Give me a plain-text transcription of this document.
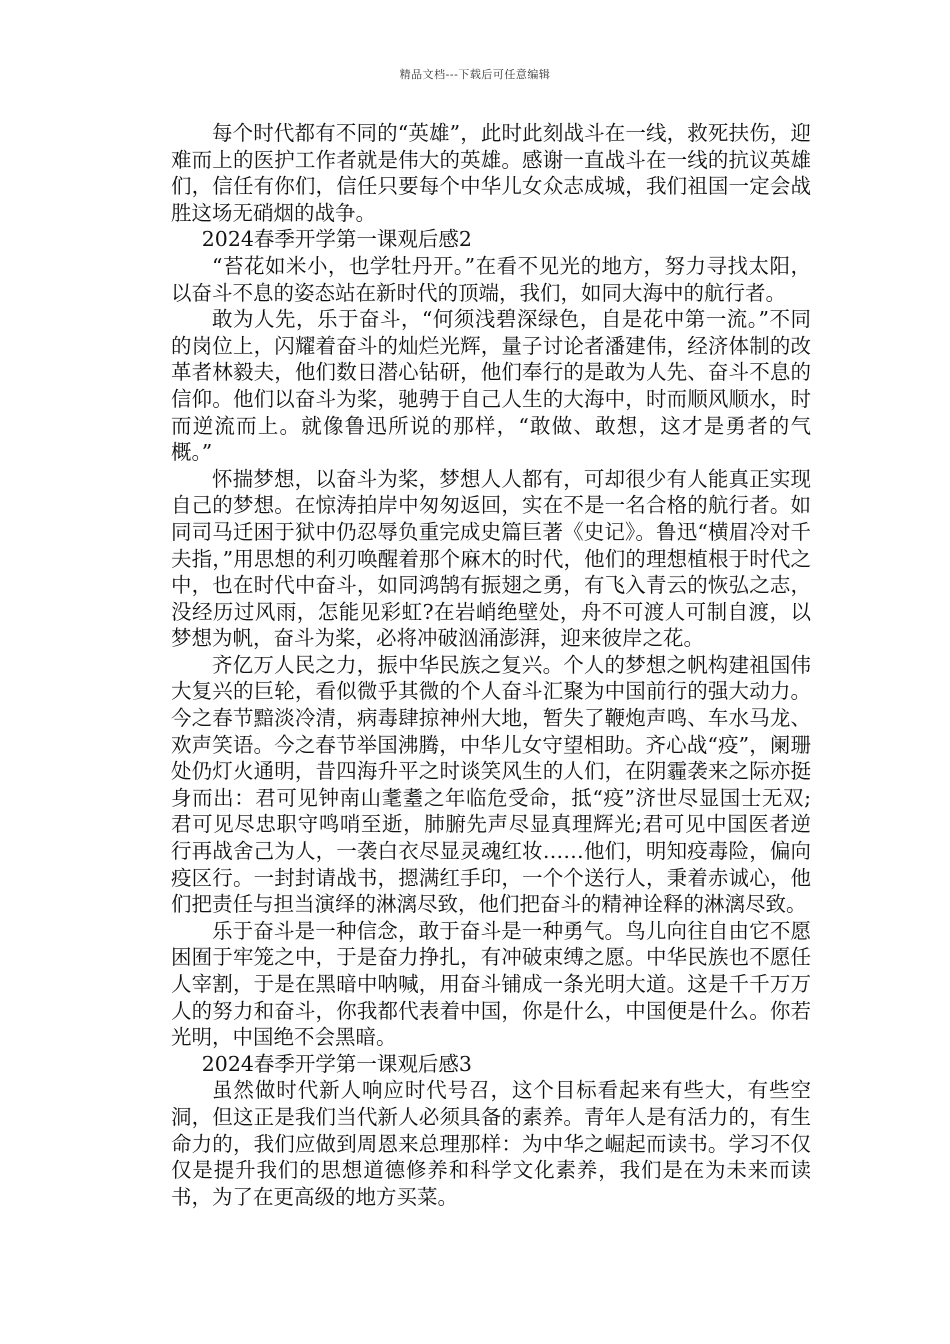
精品文档---下载后可任意编辑

每个时代都有不同的“英雄”，此时此刻战斗在一线，救死扶伤，迎难而上的医护工作者就是伟大的英雄。感谢一直战斗在一线的抗议英雄们，信任有你们，信任只要每个中华儿女众志成城，我们祖国一定会战胜这场无硝烟的战争。

2024春季开学第一课观后感2

“苔花如米小，也学牡丹开。”在看不见光的地方，努力寻找太阳，以奋斗不息的姿态站在新时代的顶端，我们，如同大海中的航行者。

敢为人先，乐于奋斗，“何须浅碧深绿色，自是花中第一流。”不同的岗位上，闪耀着奋斗的灿烂光辉，量子讨论者潘建伟，经济体制的改革者林毅夫，他们数日潜心钻研，他们奉行的是敢为人先、奋斗不息的信仰。他们以奋斗为桨，驰骋于自己人生的大海中，时而顺风顺水，时而逆流而上。就像鲁迅所说的那样，“敢做、敢想，这才是勇者的气概。”

怀揣梦想，以奋斗为桨，梦想人人都有，可却很少有人能真正实现自己的梦想。在惊涛拍岸中匆匆返回，实在不是一名合格的航行者。如同司马迁困于狱中仍忍辱负重完成史篇巨著《史记》。鲁迅“横眉冷对千夫指，”用思想的利刃唤醒着那个麻木的时代，他们的理想植根于时代之中，也在时代中奋斗，如同鸿鹄有振翅之勇，有飞入青云的恢弘之志，没经历过风雨，怎能见彩虹?在岩峭绝壁处，舟不可渡人可制自渡，以梦想为帆，奋斗为桨，必将冲破汹涌澎湃，迎来彼岸之花。

齐亿万人民之力，振中华民族之复兴。个人的梦想之帆构建祖国伟大复兴的巨轮，看似微乎其微的个人奋斗汇聚为中国前行的强大动力。今之春节黯淡冷清，病毒肆掠神州大地，暂失了鞭炮声鸣、车水马龙、欢声笑语。今之春节举国沸腾，中华儿女守望相助。齐心战“疫”，阑珊处仍灯火通明，昔四海升平之时谈笑风生的人们，在阴霾袭来之际亦挺身而出：君可见钟南山耄耋之年临危受命，抵“疫”济世尽显国士无双;君可见尽忠职守鸣哨至逝，肺腑先声尽显真理辉光;君可见中国医者逆行再战舍己为人，一袭白衣尽显灵魂红妆……他们，明知疫毒险，偏向疫区行。一封封请战书，摁满红手印，一个个送行人，秉着赤诚心，他们把责任与担当演绎的淋漓尽致，他们把奋斗的精神诠释的淋漓尽致。

乐于奋斗是一种信念，敢于奋斗是一种勇气。鸟儿向往自由它不愿困囿于牢笼之中，于是奋力挣扎，有冲破束缚之愿。中华民族也不愿任人宰割，于是在黑暗中呐喊，用奋斗铺成一条光明大道。这是千千万万人的努力和奋斗，你我都代表着中国，你是什么，中国便是什么。你若光明，中国绝不会黑暗。

2024春季开学第一课观后感3

虽然做时代新人响应时代号召，这个目标看起来有些大，有些空洞，但这正是我们当代新人必须具备的素养。青年人是有活力的，有生命力的，我们应做到周恩来总理那样：为中华之崛起而读书。学习不仅仅是提升我们的思想道德修养和科学文化素养，我们是在为未来而读书，为了在更高级的地方买菜。
